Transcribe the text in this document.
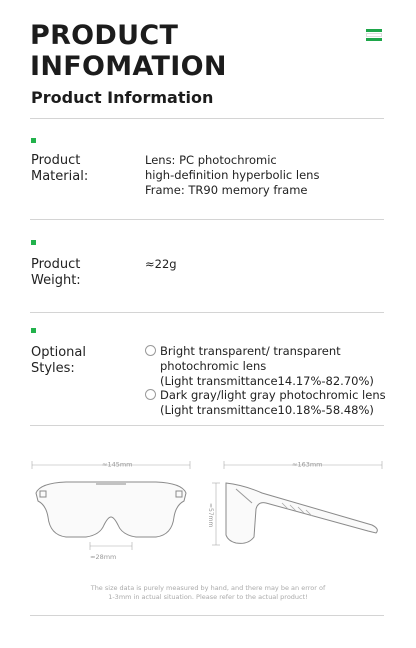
PRODUCT
INFOMATION
Product Information
Product
Material:
Lens: PC photochromic
high-definition hyperbolic lens
Frame: TR90 memory frame
Product
Weight:
≈22g
Optional
Styles:
Bright transparent/ transparent
photochromic lens
(Light transmittance14.17%-82.70%)
Dark gray/light gray photochromic lens
(Light transmittance10.18%-58.48%)
≈145mm
≈28mm
≈163mm
≈57mm
The size data is purely measured by hand, and there may be an error of
1-3mm in actual situation. Please refer to the actual product!
